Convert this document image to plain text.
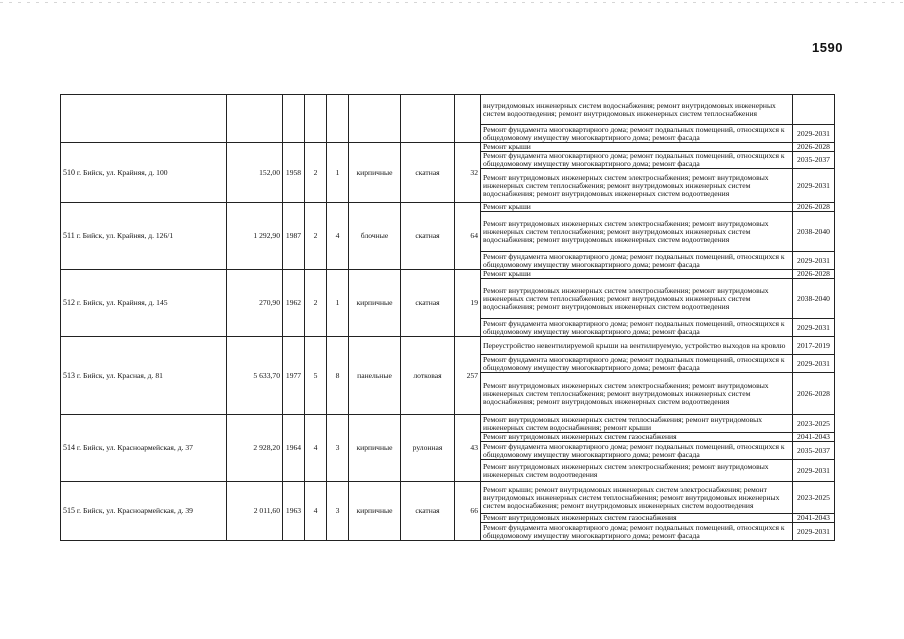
1590
								внутридомовых инженерных систем водоснабжения; ремонт внутридомовых инженерных систем водоотведения; ремонт внутридомовых инженерных систем теплоснабжения	
								Ремонт фундамента многоквартирного дома; ремонт подвальных помещений, относящихся к общедомовому имуществу многоквартирного дома; ремонт фасада	2029-2031
510 г. Бийск, ул. Крайняя, д. 100	152,00	1958	2	1	кирпичные	скатная	32	Ремонт крыши	2026-2028
								Ремонт фундамента многоквартирного дома; ремонт подвальных помещений, относящихся к общедомовому имуществу многоквартирного дома; ремонт фасада	2035-2037
								Ремонт внутридомовых инженерных систем электроснабжения; ремонт внутридомовых инженерных систем теплоснабжения; ремонт внутридомовых инженерных систем водоснабжения; ремонт внутридомовых инженерных систем водоотведения	2029-2031
511 г. Бийск, ул. Крайняя, д. 126/1	1 292,90	1987	2	4	блочные	скатная	64	Ремонт крыши	2026-2028
								Ремонт внутридомовых инженерных систем электроснабжения; ремонт внутридомовых инженерных систем теплоснабжения; ремонт внутридомовых инженерных систем водоснабжения; ремонт внутридомовых инженерных систем водоотведения	2038-2040
								Ремонт фундамента многоквартирного дома; ремонт подвальных помещений, относящихся к общедомовому имуществу многоквартирного дома; ремонт фасада	2029-2031
512 г. Бийск, ул. Крайняя, д. 145	270,90	1962	2	1	кирпичные	скатная	19	Ремонт крыши	2026-2028
								Ремонт внутридомовых инженерных систем электроснабжения; ремонт внутридомовых инженерных систем теплоснабжения; ремонт внутридомовых инженерных систем водоснабжения; ремонт внутридомовых инженерных систем водоотведения	2038-2040
								Ремонт фундамента многоквартирного дома; ремонт подвальных помещений, относящихся к общедомовому имуществу многоквартирного дома; ремонт фасада	2029-2031
513 г. Бийск, ул. Красная, д. 81	5 633,70	1977	5	8	панельные	лотковая	257	Переустройство невентилируемой крыши на вентилируемую, устройство выходов на кровлю	2017-2019
								Ремонт фундамента многоквартирного дома; ремонт подвальных помещений, относящихся к общедомовому имуществу многоквартирного дома; ремонт фасада	2029-2031
								Ремонт внутридомовых инженерных систем электроснабжения; ремонт внутридомовых инженерных систем теплоснабжения; ремонт внутридомовых инженерных систем водоснабжения; ремонт внутридомовых инженерных систем водоотведения	2026-2028
514 г. Бийск, ул. Красноармейская, д. 37	2 928,20	1964	4	3	кирпичные	рулонная	43	Ремонт внутридомовых инженерных систем теплоснабжения; ремонт внутридомовых инженерных систем водоснабжения; ремонт крыши	2023-2025
								Ремонт внутридомовых инженерных систем газоснабжения	2041-2043
								Ремонт фундамента многоквартирного дома; ремонт подвальных помещений, относящихся к общедомовому имуществу многоквартирного дома; ремонт фасада	2035-2037
								Ремонт внутридомовых инженерных систем электроснабжения; ремонт внутридомовых инженерных систем водоотведения	2029-2031
515 г. Бийск, ул. Красноармейская, д. 39	2 011,60	1963	4	3	кирпичные	скатная	66	Ремонт крыши; ремонт внутридомовых инженерных систем электроснабжения; ремонт внутридомовых инженерных систем теплоснабжения; ремонт внутридомовых инженерных систем водоснабжения; ремонт внутридомовых инженерных систем водоотведения	2023-2025
								Ремонт внутридомовых инженерных систем газоснабжения	2041-2043
								Ремонт фундамента многоквартирного дома; ремонт подвальных помещений, относящихся к общедомовому имуществу многоквартирного дома; ремонт фасада	2029-2031
